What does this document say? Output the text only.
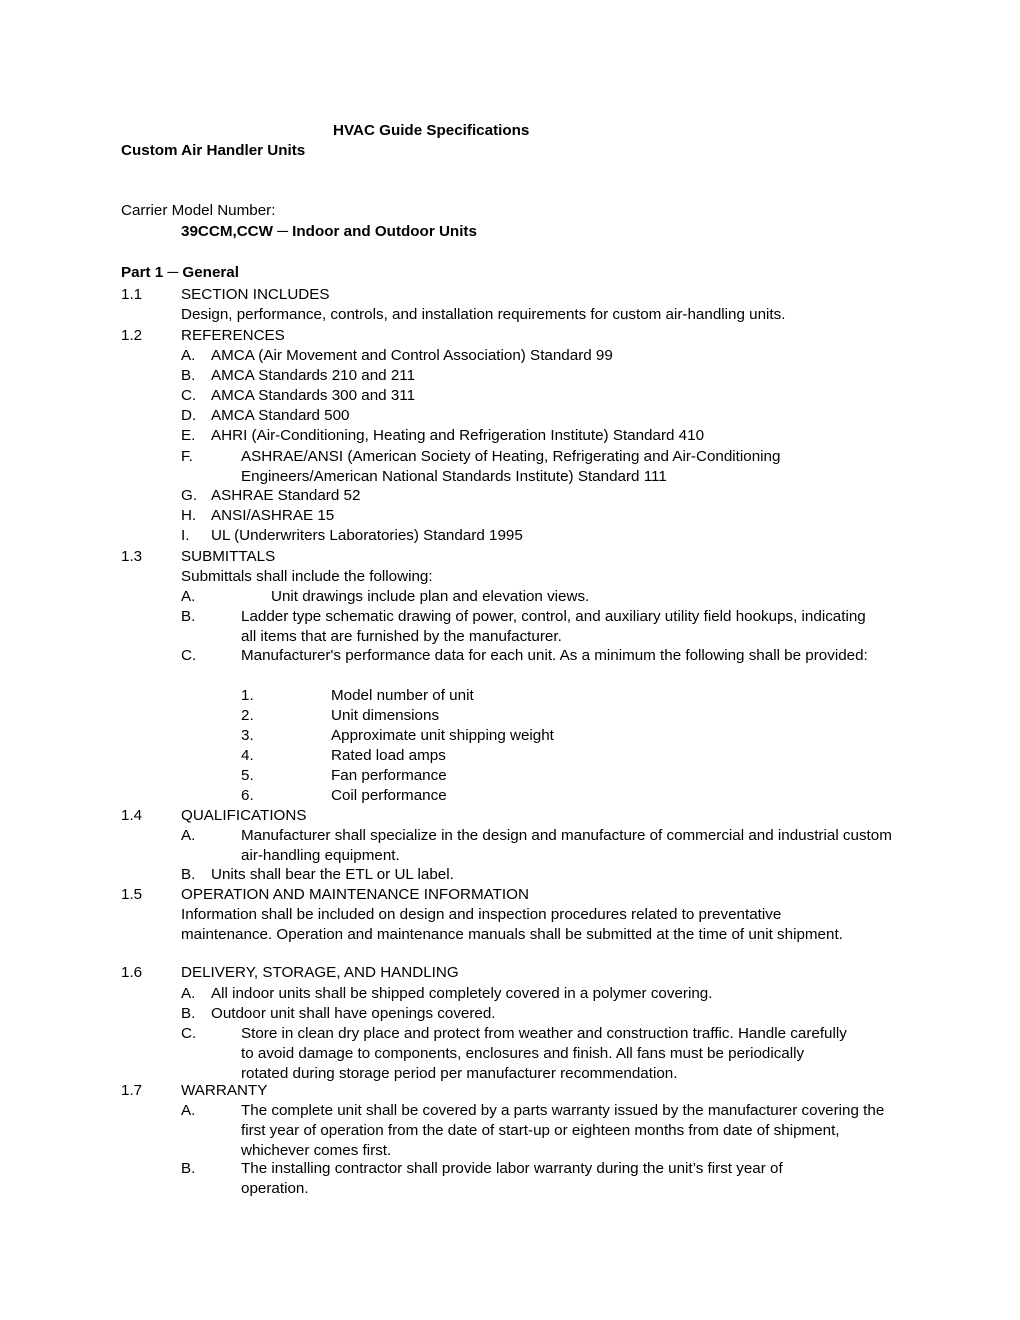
HVAC Guide Specifications
Custom Air Handler Units
Carrier Model Number:
39CCM,CCW ─ Indoor and Outdoor Units
Part 1 ─ General
1.1	SECTION INCLUDES
Design, performance, controls, and installation requirements for custom air-handling units.
1.2	REFERENCES
A. AMCA (Air Movement and Control Association) Standard 99
B. AMCA Standards 210 and 211
C. AMCA Standards 300 and 311
D. AMCA Standard 500
E. AHRI (Air-Conditioning, Heating and Refrigeration Institute) Standard 410
F.	ASHRAE/ANSI (American Society of Heating, Refrigerating and Air-Conditioning Engineers/American National Standards Institute) Standard 111
G. ASHRAE Standard 52
H. ANSI/ASHRAE 15
I. UL (Underwriters Laboratories) Standard 1995
1.3	SUBMITTALS
Submittals shall include the following:
A.	Unit drawings include plan and elevation views.
B.	Ladder type schematic drawing of power, control, and auxiliary utility field hookups, indicating all items that are furnished by the manufacturer.
C.	Manufacturer's performance data for each unit. As a minimum the following shall be provided:
1.	Model number of unit
2.	Unit dimensions
3.	Approximate unit shipping weight
4.	Rated load amps
5.	Fan performance
6.	Coil performance
1.4	QUALIFICATIONS
A.	Manufacturer shall specialize in the design and manufacture of commercial and industrial custom air-handling equipment.
B. Units shall bear the ETL or UL label.
1.5	OPERATION AND MAINTENANCE INFORMATION
Information shall be included on design and inspection procedures related to preventative maintenance. Operation and maintenance manuals shall be submitted at the time of unit shipment.
1.6	DELIVERY, STORAGE, AND HANDLING
A. All indoor units shall be shipped completely covered in a polymer covering.
B. Outdoor unit shall have openings covered.
C.	Store in clean dry place and protect from weather and construction traffic. Handle carefully to avoid damage to components, enclosures and finish. All fans must be periodically rotated during storage period per manufacturer recommendation.
1.7	WARRANTY
A.	The complete unit shall be covered by a parts warranty issued by the manufacturer covering the first year of operation from the date of start-up or eighteen months from date of shipment, whichever comes first.
B.	The installing contractor shall provide labor warranty during the unit’s first year of operation.
